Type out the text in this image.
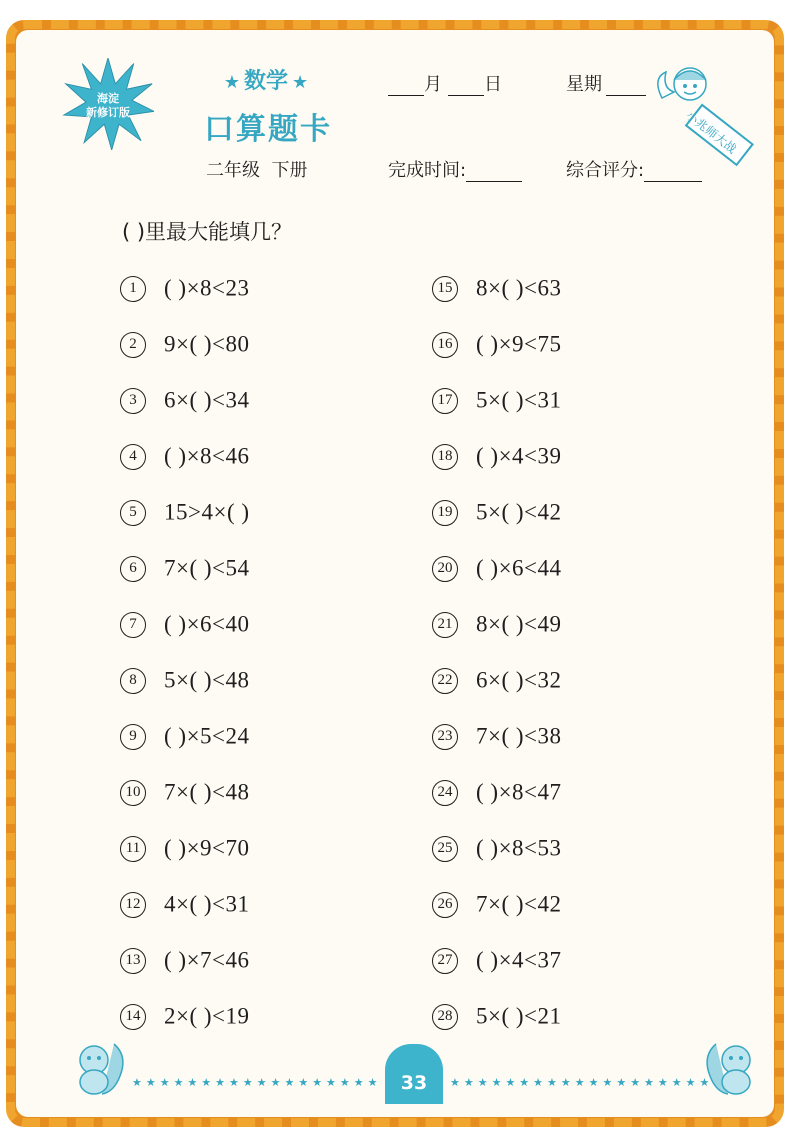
海淀
新修订版
★ 数学 ★
口算题卡
月 日	星期
二年级 下册	完成时间:	综合评分:
小兆师大战
( )里最大能填几？
1 ( )×8<23
2 9×( )<80
3 6×( )<34
4 ( )×8<46
5 15>4×( )
6 7×( )<54
7 ( )×6<40
8 5×( )<48
9 ( )×5<24
10 7×( )<48
11 ( )×9<70
12 4×( )<31
13 ( )×7<46
14 2×( )<19
15 8×( )<63
16 ( )×9<75
17 5×( )<31
18 ( )×4<39
19 5×( )<42
20 ( )×6<44
21 8×( )<49
22 6×( )<32
23 7×( )<38
24 ( )×8<47
25 ( )×8<53
26 7×( )<42
27 ( )×4<37
28 5×( )<21
★★★★★★★★★★★★★★★★★★	★★★★★★★★★★★★★★★★★★★
33
